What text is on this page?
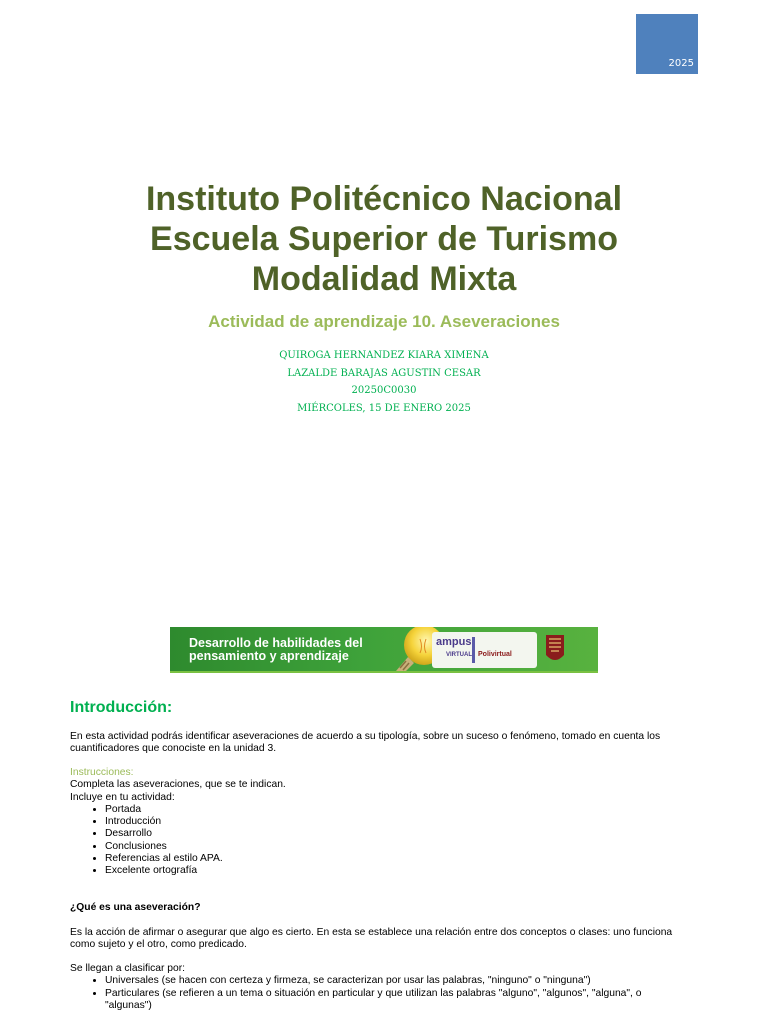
2025
Instituto Politécnico Nacional
Escuela Superior de Turismo
Modalidad Mixta
Actividad de aprendizaje 10. Aseveraciones
QUIROGA HERNANDEZ KIARA XIMENA
LAZALDE BARAJAS AGUSTIN CESAR
20250C0030
MIÉRCOLES, 15 DE ENERO 2025
Desarrollo de habilidades del
pensamiento y aprendizaje
ampus
VIRTUAL Polivirtual
Introducción:
En esta actividad podrás identificar aseveraciones de acuerdo a su tipología, sobre un suceso o fenómeno, tomado en cuenta los cuantificadores que conociste en la unidad 3.
Instrucciones:
Completa las aseveraciones, que se te indican.
Incluye en tu actividad:
• Portada
• Introducción
• Desarrollo
• Conclusiones
• Referencias al estilo APA.
• Excelente ortografía
¿Qué es una aseveración?
Es la acción de afirmar o asegurar que algo es cierto. En esta se establece una relación entre dos conceptos o clases: uno funciona como sujeto y el otro, como predicado.
Se llegan a clasificar por:
• Universales (se hacen con certeza y firmeza, se caracterizan por usar las palabras, "ninguno" o "ninguna")
• Particulares (se refieren a un tema o situación en particular y que utilizan las palabras "alguno", "algunos", "alguna", o "algunas")
